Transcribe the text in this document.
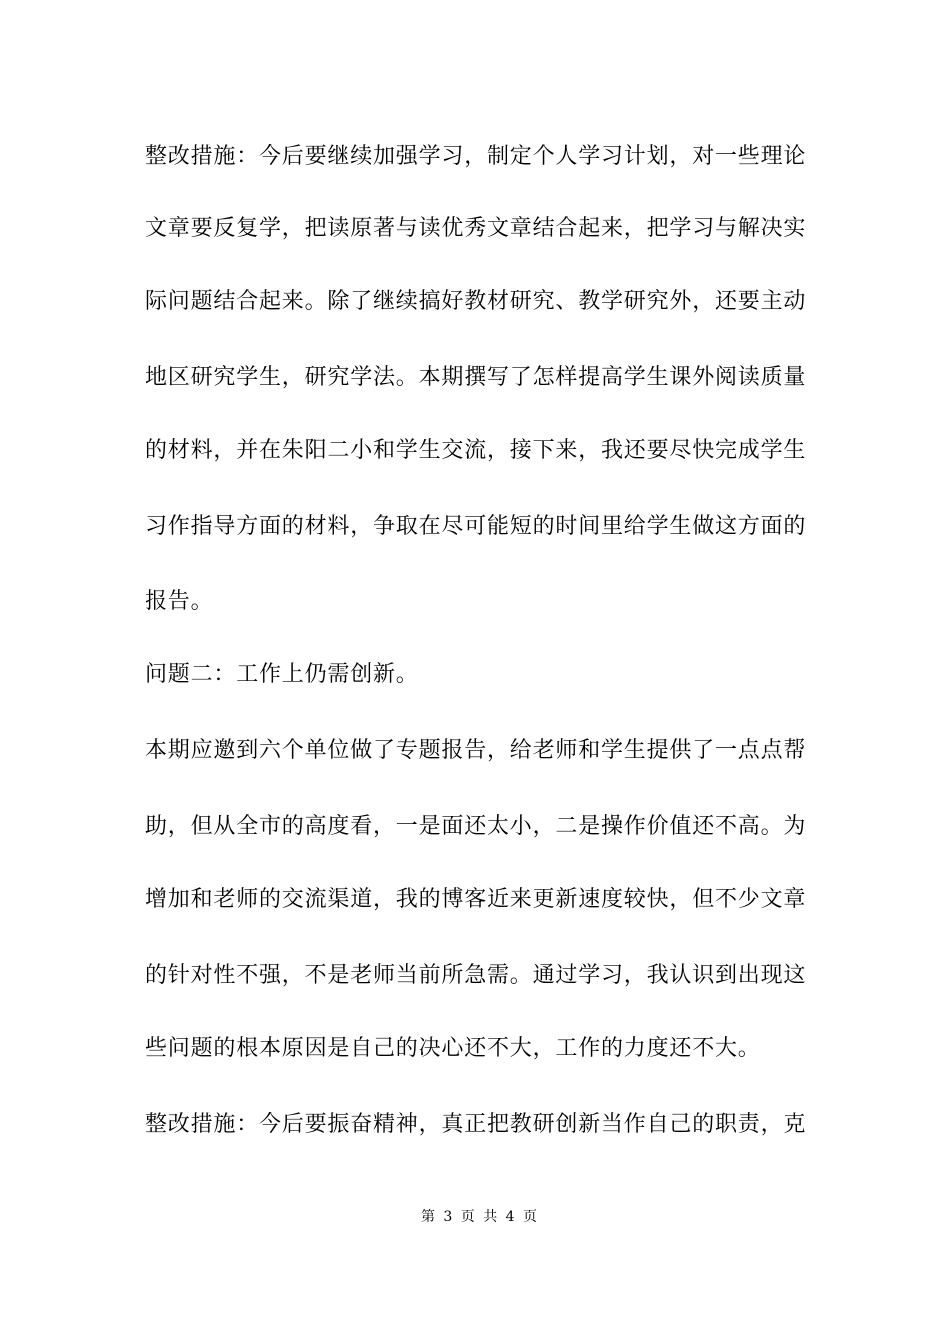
整改措施：今后要继续加强学习，制定个人学习计划，对一些理论
文章要反复学，把读原著与读优秀文章结合起来，把学习与解决实
际问题结合起来。除了继续搞好教材研究、教学研究外，还要主动
地区研究学生，研究学法。本期撰写了怎样提高学生课外阅读质量
的材料，并在朱阳二小和学生交流，接下来，我还要尽快完成学生
习作指导方面的材料，争取在尽可能短的时间里给学生做这方面的
报告。
问题二：工作上仍需创新。
本期应邀到六个单位做了专题报告，给老师和学生提供了一点点帮
助，但从全市的高度看，一是面还太小，二是操作价值还不高。为
增加和老师的交流渠道，我的博客近来更新速度较快，但不少文章
的针对性不强，不是老师当前所急需。通过学习，我认识到出现这
些问题的根本原因是自己的决心还不大，工作的力度还不大。
整改措施：今后要振奋精神，真正把教研创新当作自己的职责，克
第 3 页 共 4 页
